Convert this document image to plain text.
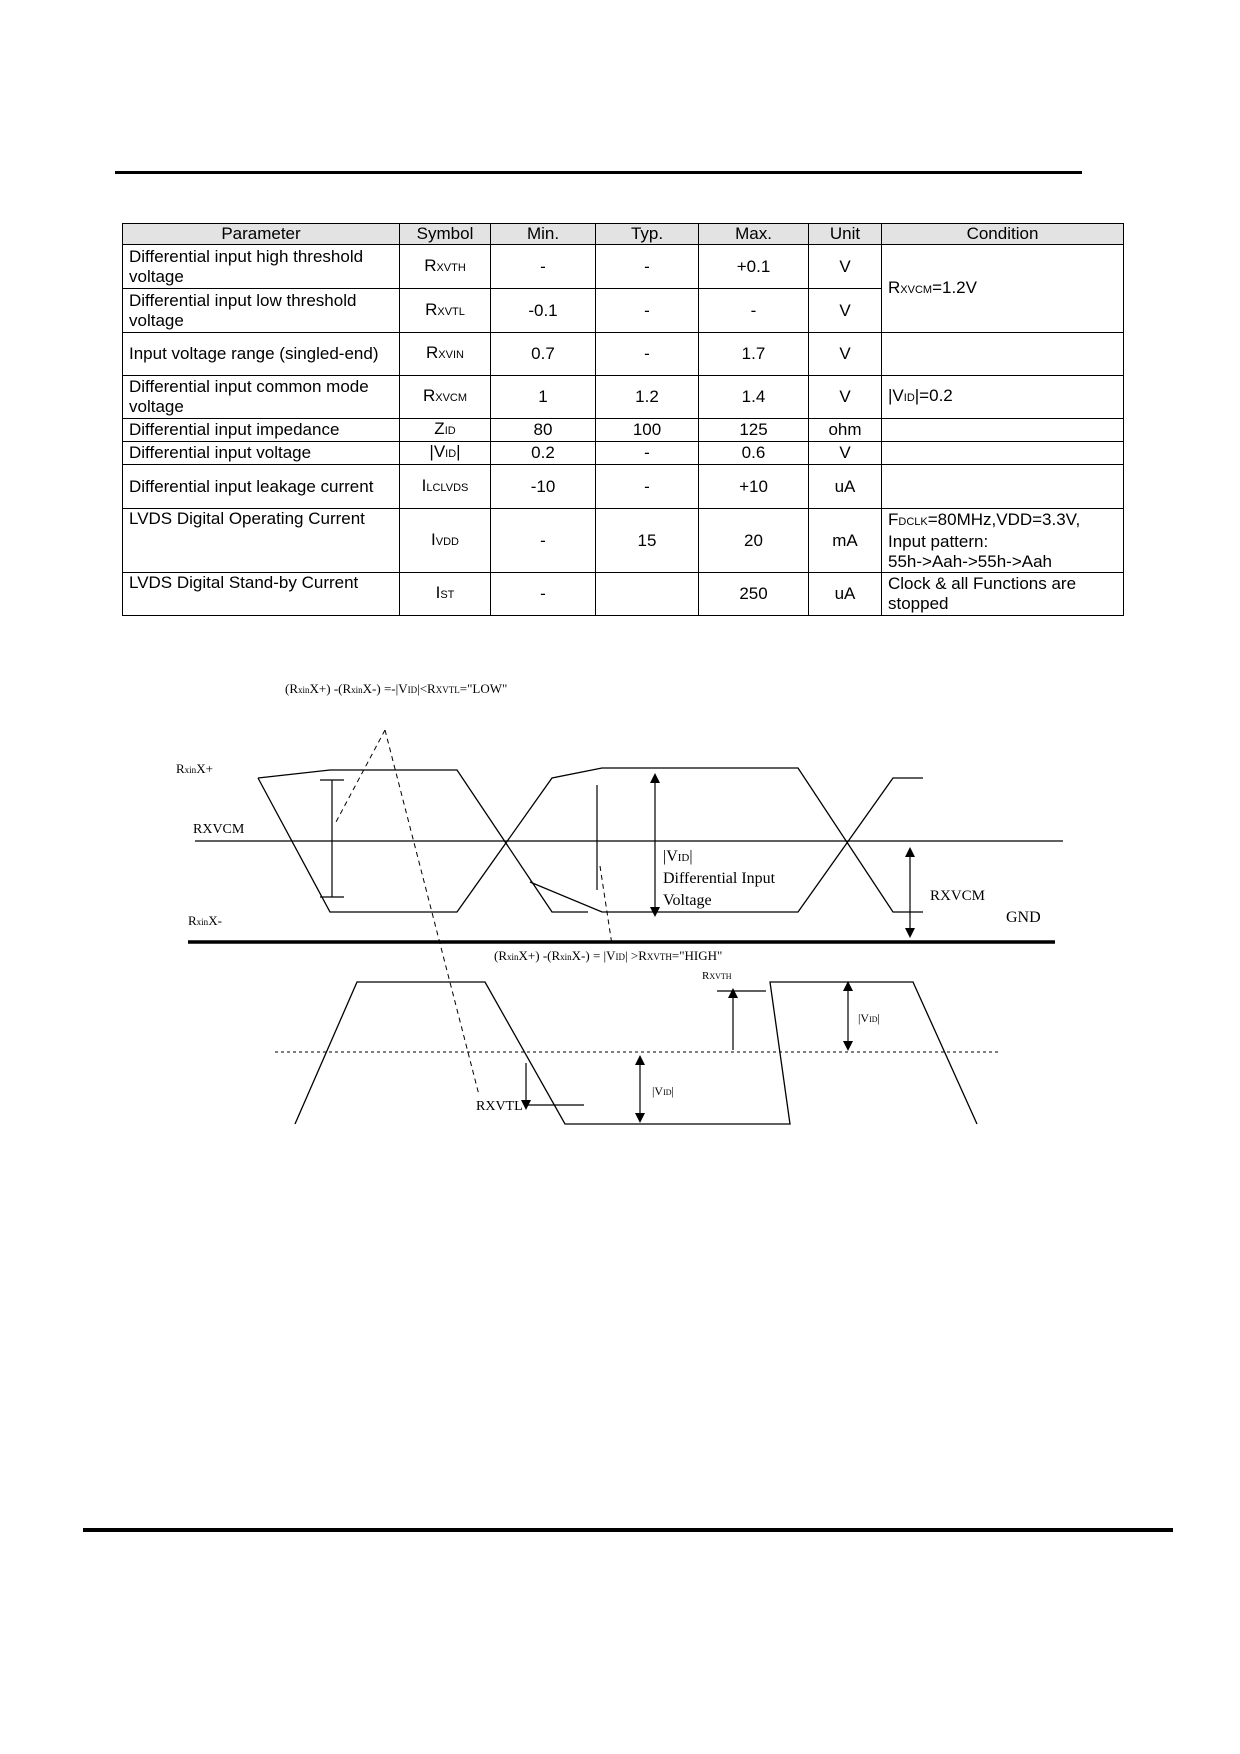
Parameter	Symbol	Min.	Typ.	Max.	Unit	Condition
Differential input high threshold voltage	RXVTH	-	-	+0.1	V	RXVCM=1.2V
Differential input low threshold voltage	RXVTL	-0.1	-	-	V	
Input voltage range (singled-end)	RXVIN	0.7	-	1.7	V	
Differential input common mode voltage	RXVCM	1	1.2	1.4	V	|VID|=0.2
Differential input impedance	ZID	80	100	125	ohm	
Differential input voltage	|VID|	0.2	-	0.6	V	
Differential input leakage current	ILCLVDS	-10	-	+10	uA	
LVDS Digital Operating Current	IVDD	-	15	20	mA	FDCLK=80MHz,VDD=3.3V,
Input pattern:
55h->Aah->55h->Aah
LVDS Digital Stand-by Current	IST	-		250	uA	Clock & all Functions are stopped
(RxinX+) -(RxinX-) =-|VID|<RXVTL="LOW"
RxinX+
RXVCM
RxinX-
|VID|
Differential Input
Voltage	RXVCM
GND
(RxinX+) -(RxinX-) = |VID| >RXVTH="HIGH"
RXVTH
|VID|
|VID|
RXVTL
